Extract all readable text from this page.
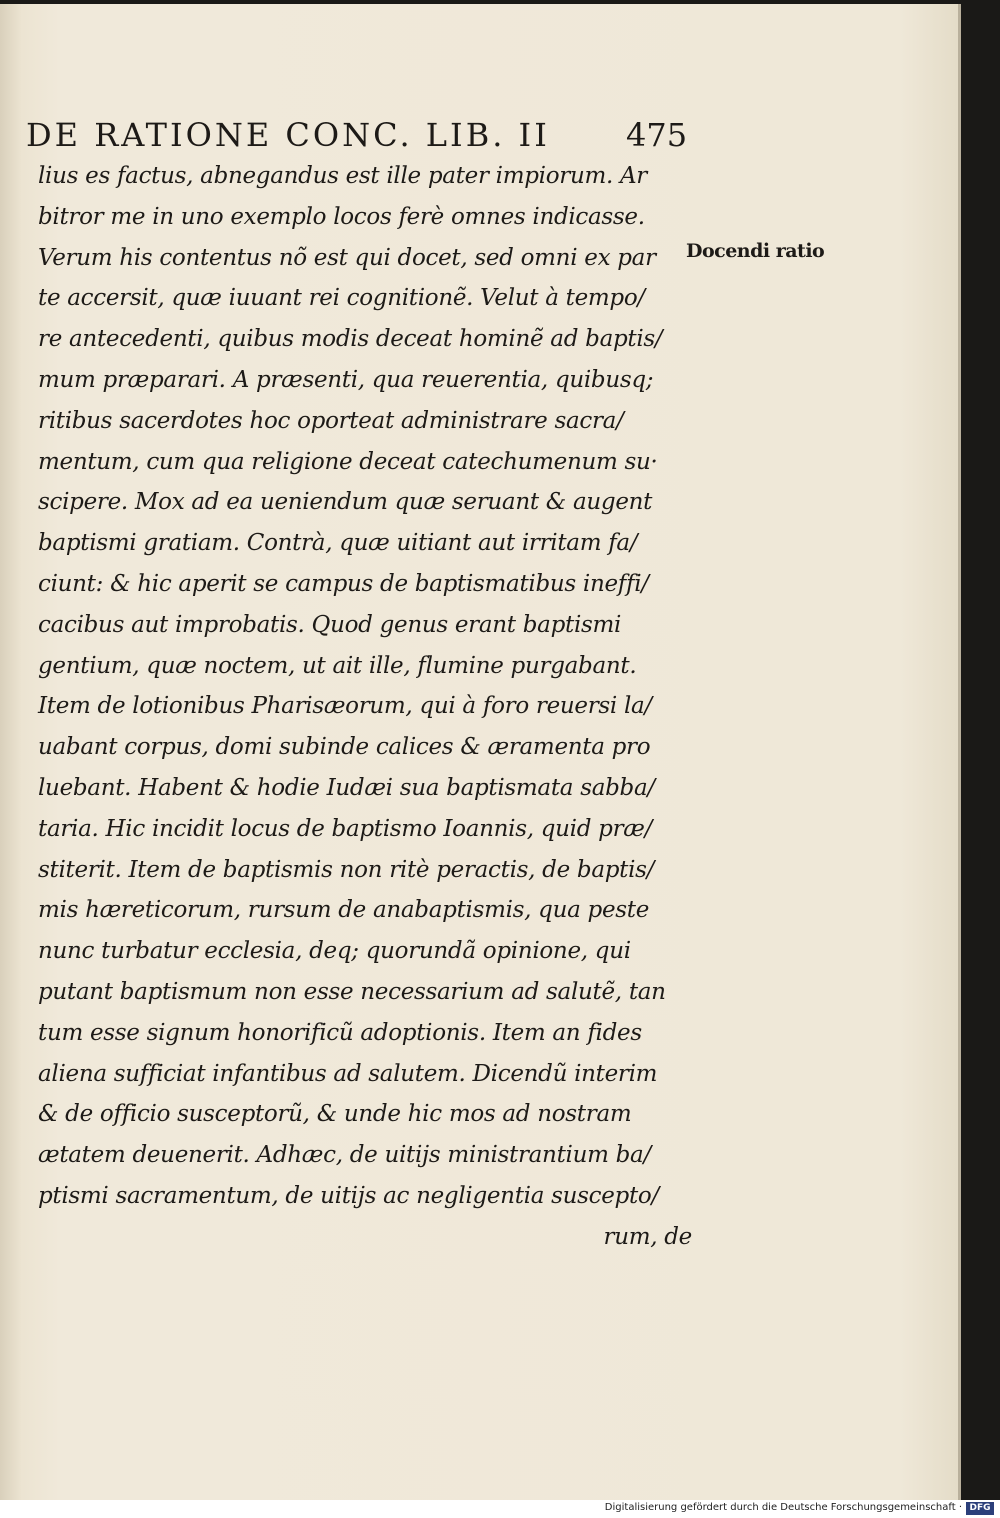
DE RATIONE CONC. LIB. II 475
Docendi ratio
lius es factus, abnegandus est ille pater impiorum. Ar
bitror me in uno exemplo locos ferè omnes indicasse.
Verum his contentus nõ est qui docet, sed omni ex par
te accersit, quæ iuuant rei cognitionẽ. Velut à tempo/
re antecedenti, quibus modis deceat hominẽ ad baptis/
mum præparari. A præsenti, qua reuerentia, quibusq;
ritibus sacerdotes hoc oporteat administrare sacra/
mentum, cum qua religione deceat catechumenum su·
scipere. Mox ad ea ueniendum quæ seruant & augent
baptismi gratiam. Contrà, quæ uitiant aut irritam fa/
ciunt: & hic aperit se campus de baptismatibus ineffi/
cacibus aut improbatis. Quod genus erant baptismi
gentium, quæ noctem, ut ait ille, flumine purgabant.
Item de lotionibus Pharisæorum, qui à foro reuersi la/
uabant corpus, domi subinde calices & æramenta pro
luebant. Habent & hodie Iudæi sua baptismata sabba/
taria. Hic incidit locus de baptismo Ioannis, quid præ/
stiterit. Item de baptismis non ritè peractis, de baptis/
mis hæreticorum, rursum de anabaptismis, qua peste
nunc turbatur ecclesia, deq; quorundã opinione, qui
putant baptismum non esse necessarium ad salutẽ, tan
tum esse signum honorificũ adoptionis. Item an fides
aliena sufficiat infantibus ad salutem. Dicendũ interim
& de officio susceptorũ, & unde hic mos ad nostram
ætatem deuenerit. Adhæc, de uitijs ministrantium ba/
ptismi sacramentum, de uitijs ac negligentia suscepto/
rum, de
Digitalisierung gefördert durch die Deutsche Forschungsgemeinschaft · DFG
